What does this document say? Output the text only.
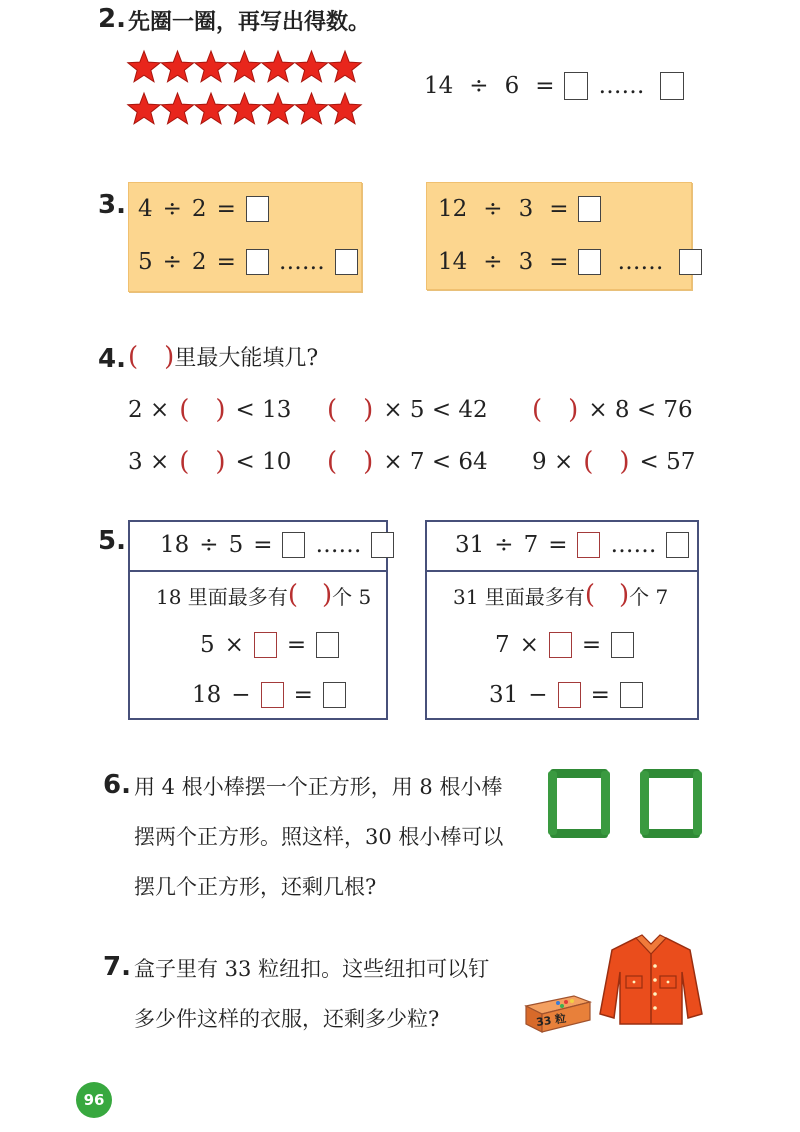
2. 先圈一圈，再写出得数。
14 ÷ 6 = ……
3. 4 ÷ 2 =
5 ÷ 2 = ……
12 ÷ 3 =
14 ÷ 3 = ……
4. ( )里最大能填几?
2 × ( ) < 13 ( ) × 5 < 42 ( ) × 8 < 76
3 × ( ) < 10 ( ) × 7 < 64 9 × ( ) < 57
5. 18 ÷ 5 = ……
18 里面最多有 ( ) 个 5
5 × =
18 − =
31 ÷ 7 = ……
31 里面最多有 ( ) 个 7
7 × =
31 − =
6. 用 4 根小棒摆一个正方形，用 8 根小棒
摆两个正方形。照这样，30 根小棒可以
摆几个正方形，还剩几根?
7. 盒子里有 33 粒纽扣。这些纽扣可以钉
多少件这样的衣服，还剩多少粒?	33 粒
96
